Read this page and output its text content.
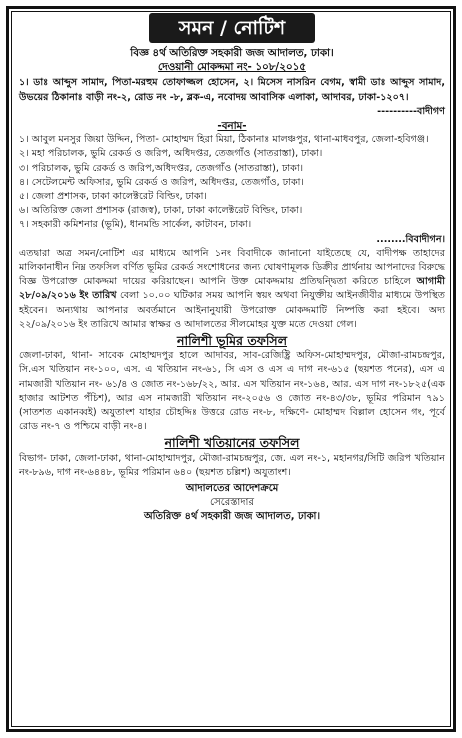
সমন / নোটিশ
বিজ্ঞ ৪র্থ অতিরিক্ত সহকারী জজ আদালত, ঢাকা।
দেওয়ানী মোকদ্দমা নং- ১০৮/২০১৫
১। ডাঃ আব্দুস সামাদ, পিতা-মরহুম তোফাজ্জল হোসেন, ২। মিসেস নাসরিন বেগম, স্বামী ডাঃ আব্দুস সামাদ, উভয়ের ঠিকানাঃ বাড়ী নং-২, রোড নং -৮, ব্লক-এ, নবোদয় আবাসিক এলাকা, আদাবর, ঢাকা-১২০৭।
----------বাদীগণ
-বনাম-
১। আবুল মনসুর জিয়া উদ্দিন, পিতা- মোহাম্মদ হিরা মিয়া, ঠিকানাঃ মালঞ্চপুর, থানা-মাধবপুর, জেলা-হবিগঞ্জ।
২। মহা পরিচালক, ভুমি রেকর্ড ও জরিপ, অধিদপ্তর, তেজগাঁও (সাতরাস্তা), ঢাকা।
৩। পরিচালক, ভুমি রেকর্ড ও জরিপ,অধিদপ্তর, তেজগাঁও (সাতরাস্তা), ঢাকা।
৪। সেটেলমেন্ট অফিসার, ভুমি রেকর্ড ও জরিপ, অধিদপ্তর, তেজগাঁও, ঢাকা।
৫। জেলা প্রশাসক, ঢাকা কালেক্টরেট বিল্ডিং, ঢাকা।
৬। অতিরিক্ত জেলা প্রশাসক (রাজস্ব), ঢাকা, ঢাকা কালেক্টরেট বিল্ডিং, ঢাকা।
৭। সহকারী কমিশনার (ভূমি), ধানমন্ডি সার্কেল, কাটাবন, ঢাকা।
........বিবাদীগন।
এতদ্বারা অত্র সমন/নোটিশ এর মাধ্যমে আপনি ১নং বিবাদীকে জানানো যাইতেছে যে, বাদীপক্ষ তাহাদের মালিকানাধীন নিম্ন তফসিল বর্ণিত ভূমির রেকর্ড সংশোধনের জন্য ঘোষণামূলক ডিক্রীর প্রার্থনায় আপনাদের বিরুদ্ধে বিজ্ঞ উপরোক্ত মোকদ্দমা দায়ের করিয়াছেন। আপনি উক্ত মোকদ্দমায় প্রতিদ্বন্দ্বিতা করিতে চাহিলে আগামী ২৮/০৯/২০১৬ ইং তারিখ বেলা ১০.০০ ঘটিকার সময় আপনি স্বয়ং অথবা নিযুক্তীয় আইনজীবীর মাধ্যমে উপস্থিত হইবেন। অন্যথায় আপনার অবর্তমানে আইনানুযায়ী উপরোক্ত মোকদ্দমাটি নিষ্পত্তি করা হইবে। অদ্য ২২/০৯/২০১৬ ইং তারিখে আমার স্বাক্ষর ও আদালতের সীলমোহর যুক্ত মতে দেওয়া গেল।
নালিশী ভূমির তফসিল
জেলা-ঢাকা, থানা- সাবেক মোহাম্মদপুর হালে আদাবর, সাব-রেজিষ্ট্রি অফিস-মোহাম্মদপুর, মৌজা-রামচন্দ্রপুর, সি.এস খতিয়ান নং-১০০, এস. এ খতিয়ান নং-৬১, সি এস ও এস এ দাগ নং-৬১৫ (ছয়শত পনের), এস এ নামজারী খতিয়ান নং- ৬১/৪ ও জোত নং-১৬৮/২২, আর. এস খতিয়ান নং-১৬৪, আর. এস দাগ নং-১৮২৫(এক হাজার আটশত পঁচিশ), আর এস নামজারী খতিয়ান নং-২০৫৬ ও জোত নং-৪৩/৩৮, ভূমির পরিমান ৭৯১ (সাতশত একানব্বই) অযুতাংশ যাহার চৌহদ্দিঃ উত্তরে রোড নং-৮, দক্ষিণে- মোহাম্মদ বিল্লাল হোসেন গং, পূর্বে রোড নং-৭ ও পশ্চিমে বাড়ী নং-৪।
নালিশী খতিয়ানের তফসিল
বিভাগ- ঢাকা, জেলা-ঢাকা, থানা-মোহাম্মাদপুর, মৌজা-রামচন্দ্রপুর, জে. এল নং-১, মহানগর/সিটি জরিপ খতিয়ান নং-৮৯৬, দাগ নং-৬৪৪৮, ভূমির পরিমান ৬৪০ (ছয়শত চল্লিশ) অযুতাংশ।
আদালতের আদেশক্রমে
সেরেস্তাদার
অতিরিক্ত ৪র্থ সহকারী জজ আদালত, ঢাকা।
